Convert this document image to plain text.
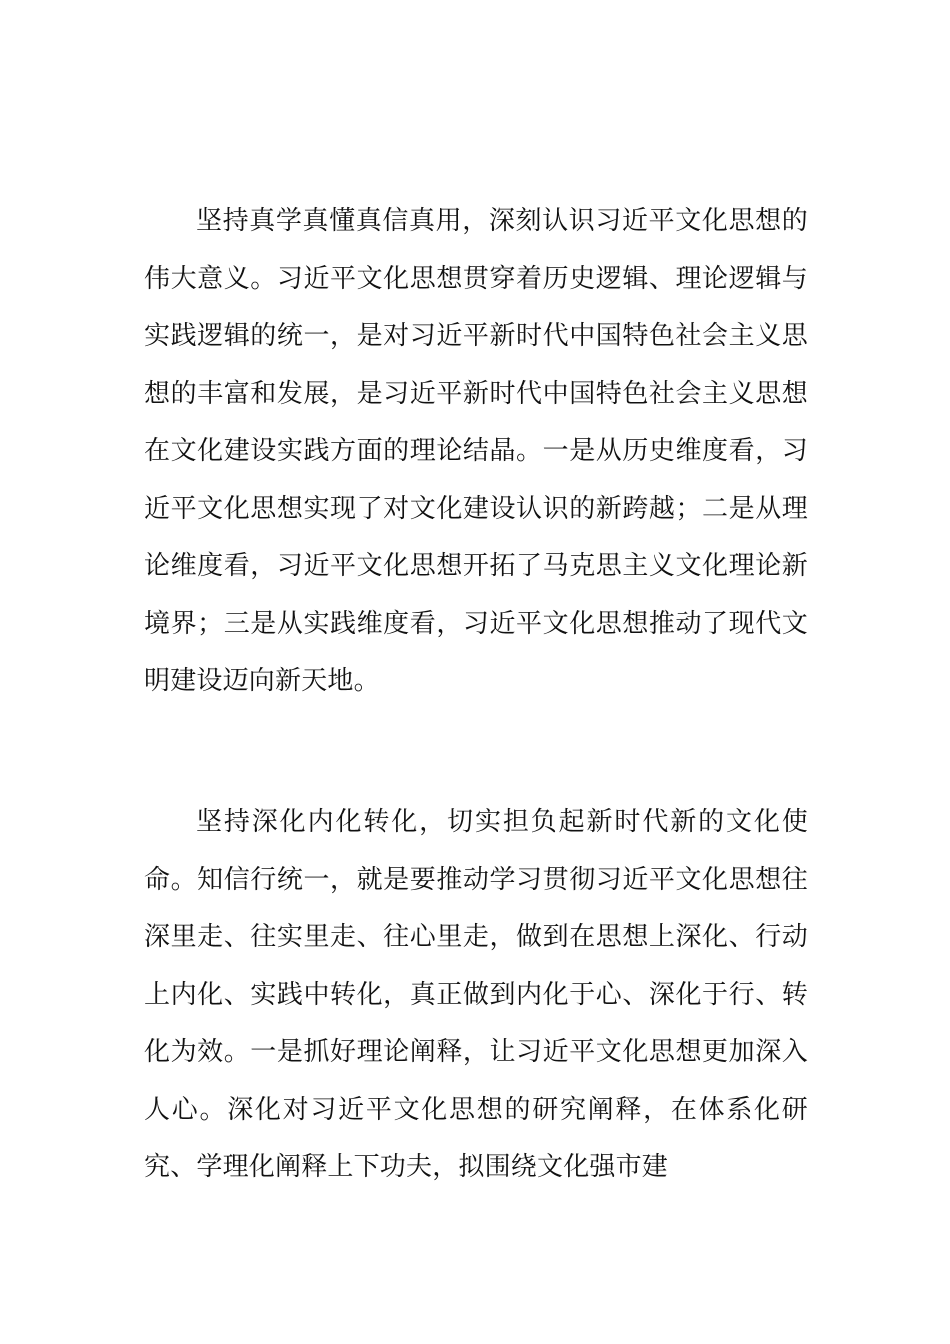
坚持真学真懂真信真用，深刻认识习近平文化思想的伟大意义。习近平文化思想贯穿着历史逻辑、理论逻辑与实践逻辑的统一，是对习近平新时代中国特色社会主义思想的丰富和发展，是习近平新时代中国特色社会主义思想在文化建设实践方面的理论结晶。一是从历史维度看，习近平文化思想实现了对文化建设认识的新跨越；二是从理论维度看，习近平文化思想开拓了马克思主义文化理论新境界；三是从实践维度看，习近平文化思想推动了现代文明建设迈向新天地。

坚持深化内化转化，切实担负起新时代新的文化使命。知信行统一，就是要推动学习贯彻习近平文化思想往深里走、往实里走、往心里走，做到在思想上深化、行动上内化、实践中转化，真正做到内化于心、深化于行、转化为效。一是抓好理论阐释，让习近平文化思想更加深入人心。深化对习近平文化思想的研究阐释，在体系化研究、学理化阐释上下功夫，拟围绕文化强市建
